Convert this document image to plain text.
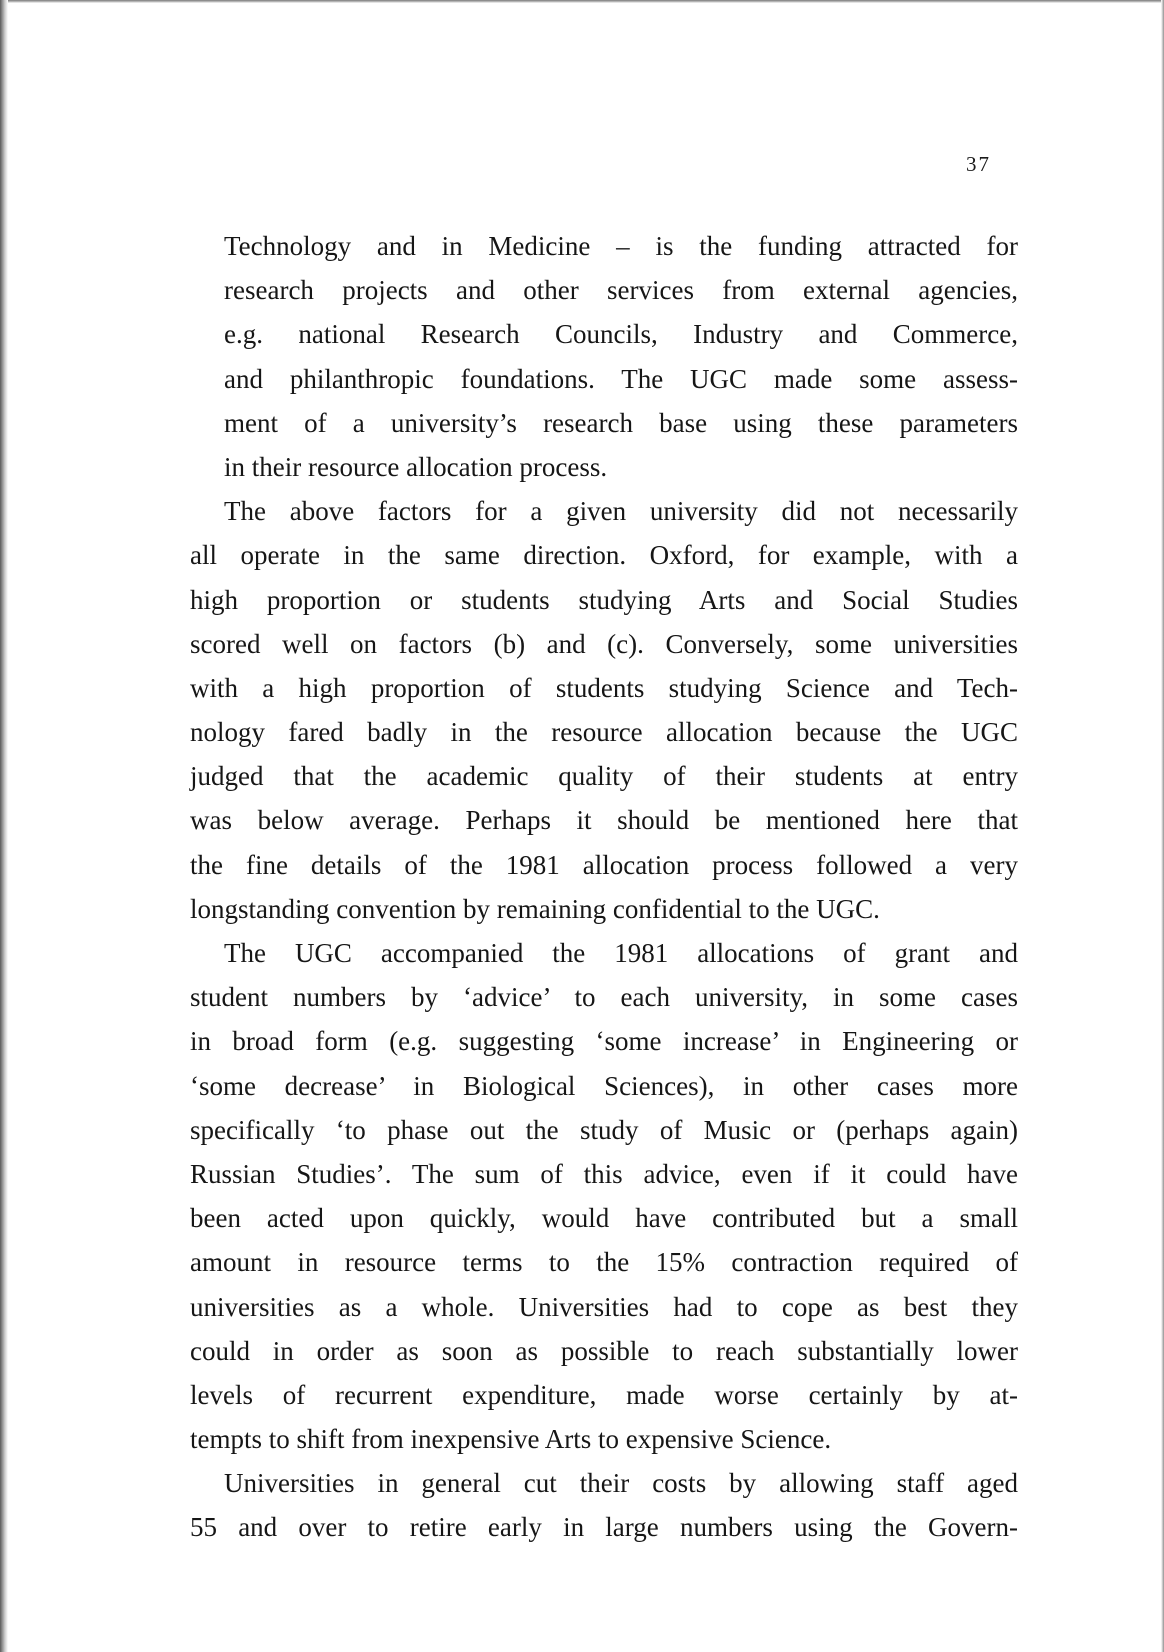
37
Technology and in Medicine – is the funding attracted for
research projects and other services from external agencies,
e.g. national Research Councils, Industry and Commerce,
and philanthropic foundations. The UGC made some assess-
ment of a university’s research base using these parameters
in their resource allocation process.
The above factors for a given university did not necessarily
all operate in the same direction. Oxford, for example, with a
high proportion or students studying Arts and Social Studies
scored well on factors (b) and (c). Conversely, some universities
with a high proportion of students studying Science and Tech-
nology fared badly in the resource allocation because the UGC
judged that the academic quality of their students at entry
was below average. Perhaps it should be mentioned here that
the fine details of the 1981 allocation process followed a very
longstanding convention by remaining confidential to the UGC.
The UGC accompanied the 1981 allocations of grant and
student numbers by ‘advice’ to each university, in some cases
in broad form (e.g. suggesting ‘some increase’ in Engineering or
‘some decrease’ in Biological Sciences), in other cases more
specifically ‘to phase out the study of Music or (perhaps again)
Russian Studies’. The sum of this advice, even if it could have
been acted upon quickly, would have contributed but a small
amount in resource terms to the 15% contraction required of
universities as a whole. Universities had to cope as best they
could in order as soon as possible to reach substantially lower
levels of recurrent expenditure, made worse certainly by at-
tempts to shift from inexpensive Arts to expensive Science.
Universities in general cut their costs by allowing staff aged
55 and over to retire early in large numbers using the Govern-
